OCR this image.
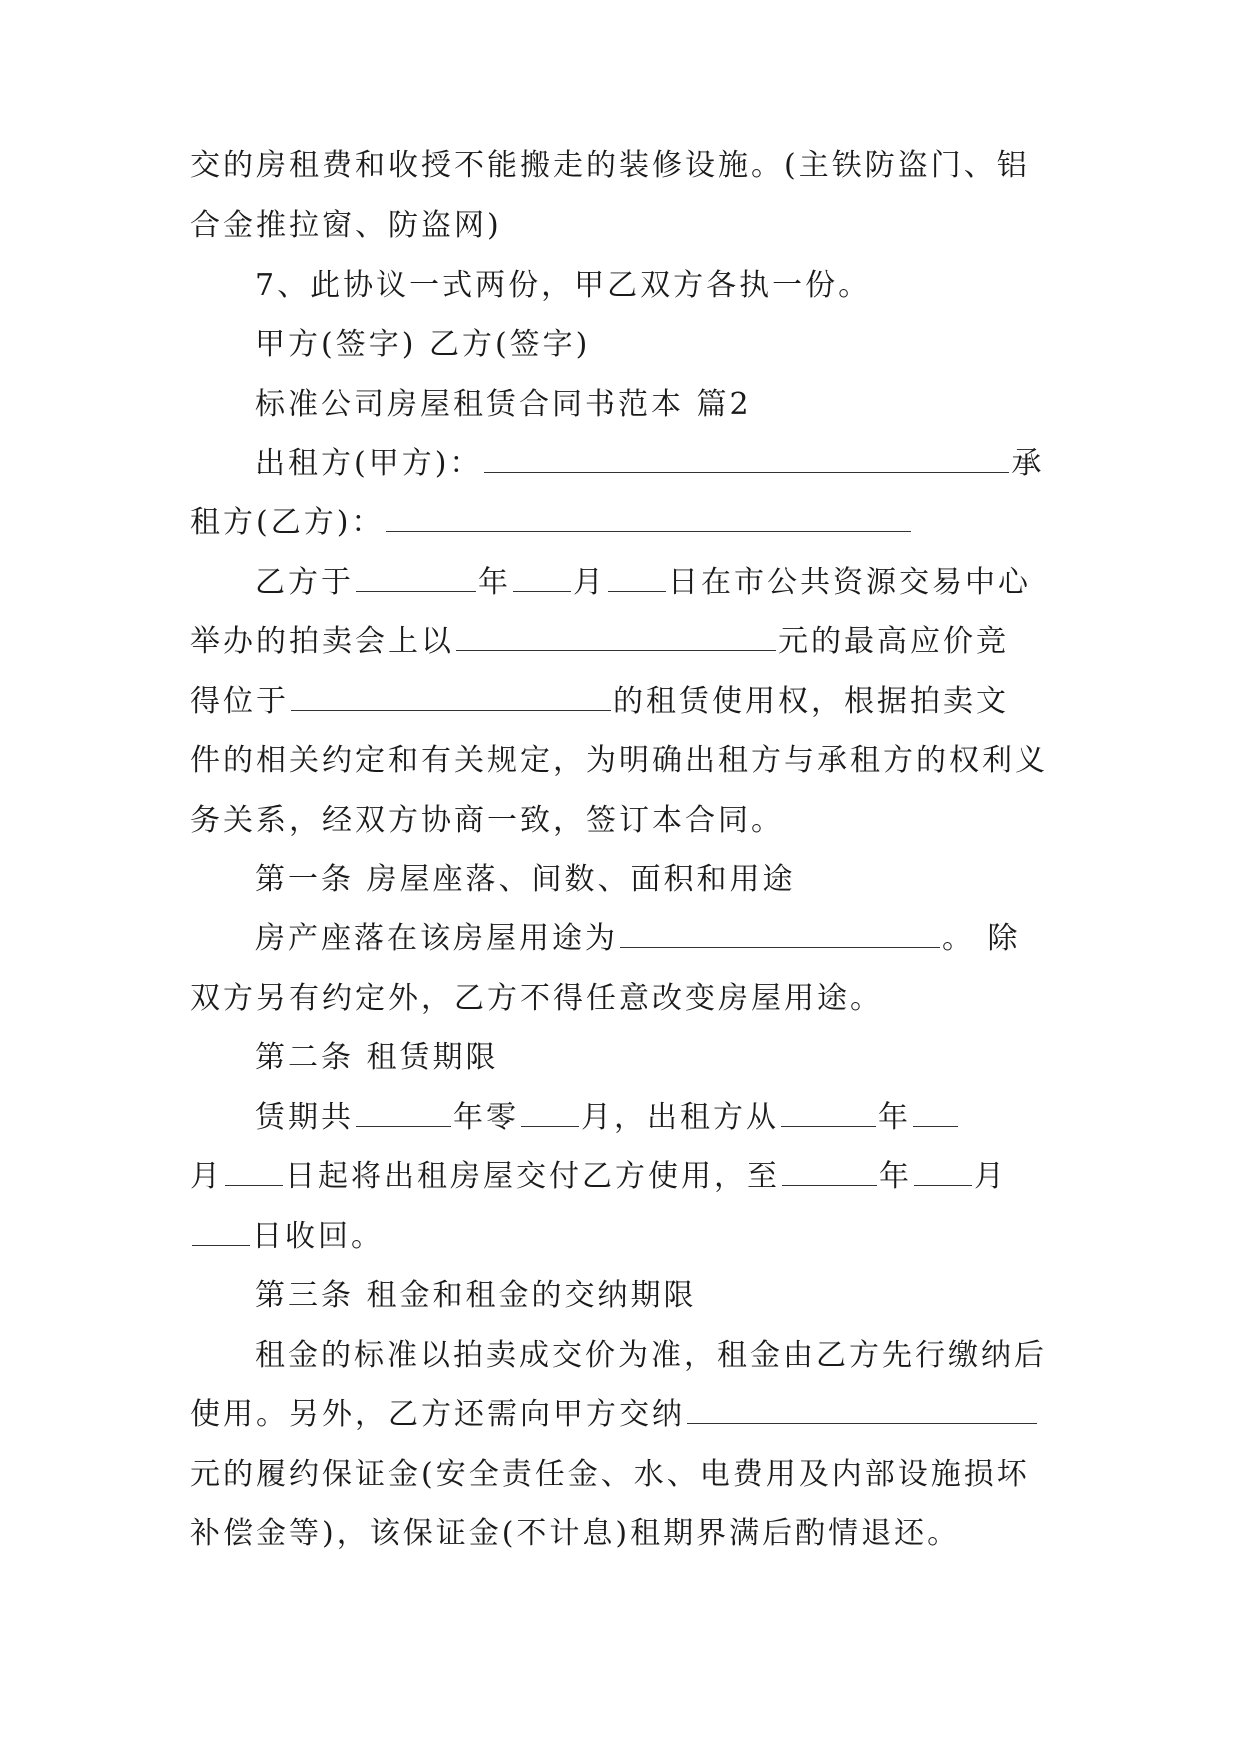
交的房租费和收授不能搬走的装修设施。(主铁防盗门、铝
合金推拉窗、防盗网)
7、此协议一式两份，甲乙双方各执一份。
甲方(签字) 乙方(签字)
标准公司房屋租赁合同书范本 篇2
出租方(甲方)：	承
租方(乙方)：
乙方于	年 月 日在市公共资源交易中心
举办的拍卖会上以	元的最高应价竞
得位于	的租赁使用权，根据拍卖文
件的相关约定和有关规定，为明确出租方与承租方的权利义
务关系，经双方协商一致，签订本合同。
第一条 房屋座落、间数、面积和用途
房产座落在该房屋用途为	。 除
双方另有约定外，乙方不得任意改变房屋用途。
第二条 租赁期限
赁期共	年零 月，出租方从	年
月 日起将出租房屋交付乙方使用，至	年 月
日收回。
第三条 租金和租金的交纳期限
租金的标准以拍卖成交价为准，租金由乙方先行缴纳后
使用。另外，乙方还需向甲方交纳
元的履约保证金(安全责任金、水、电费用及内部设施损坏
补偿金等)，该保证金(不计息)租期界满后酌情退还。
